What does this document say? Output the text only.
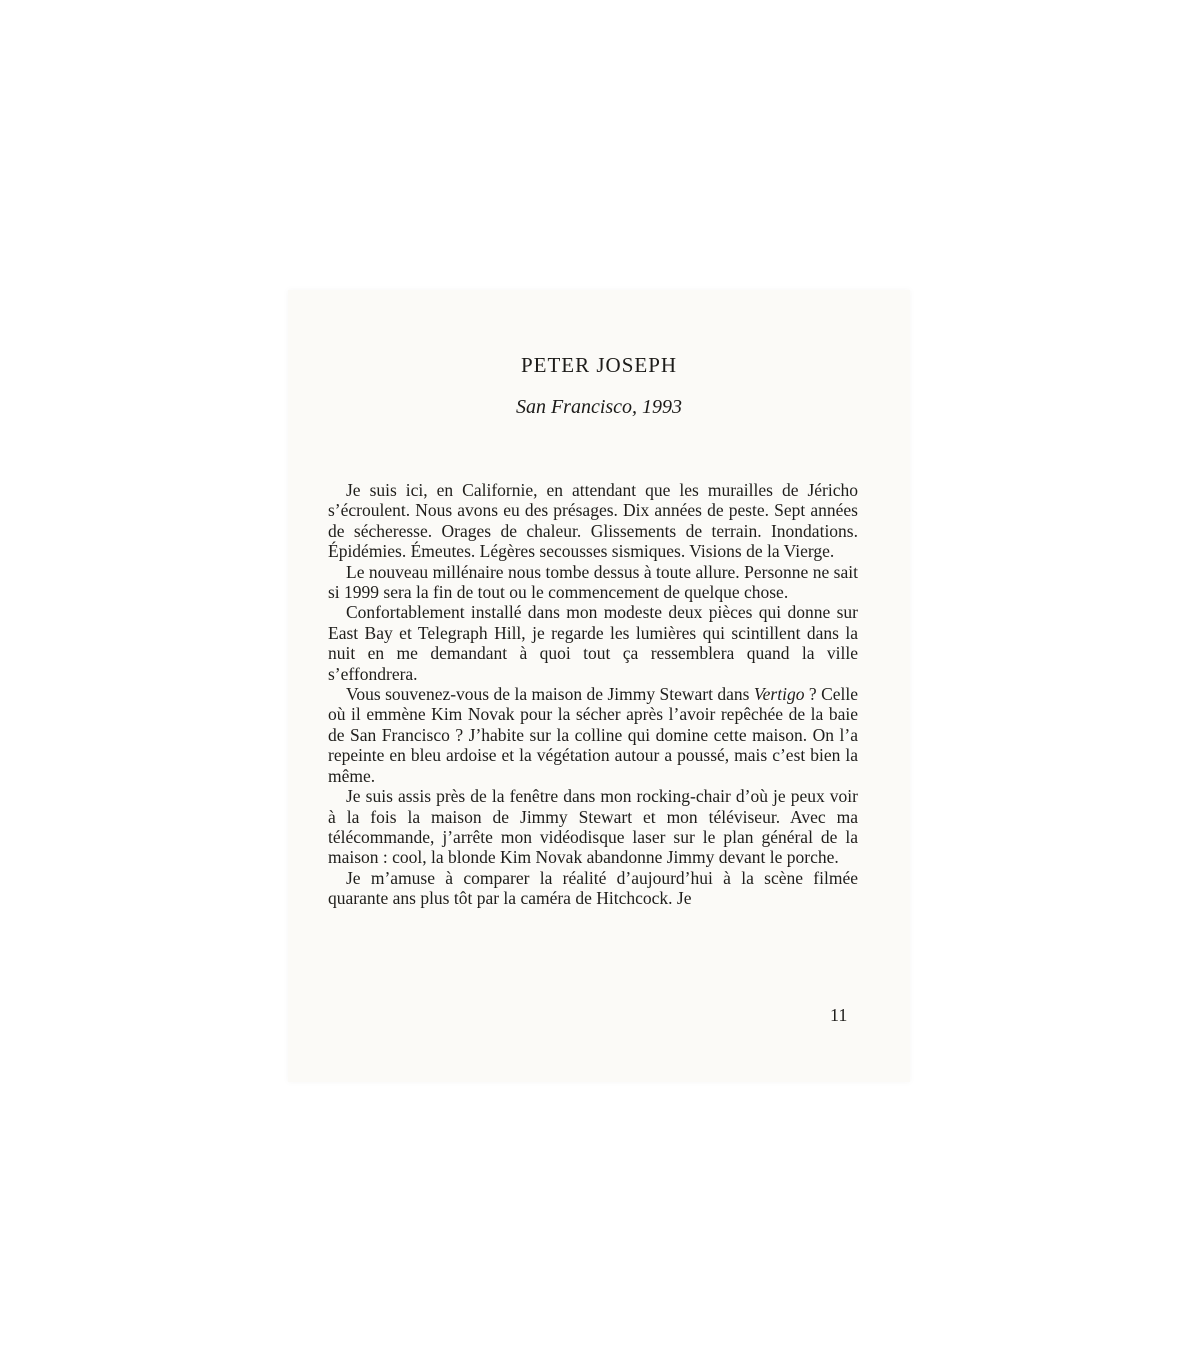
PETER JOSEPH
San Francisco, 1993

Je suis ici, en Californie, en attendant que les murailles de Jéricho s’écroulent. Nous avons eu des présages. Dix années de peste. Sept années de sécheresse. Orages de chaleur. Glissements de terrain. Inondations. Épidémies. Émeutes. Légères secousses sismiques. Visions de la Vierge.

Le nouveau millénaire nous tombe dessus à toute allure. Personne ne sait si 1999 sera la fin de tout ou le commencement de quelque chose.

Confortablement installé dans mon modeste deux pièces qui donne sur East Bay et Telegraph Hill, je regarde les lumières qui scintillent dans la nuit en me demandant à quoi tout ça ressemblera quand la ville s’effondrera.

Vous souvenez-vous de la maison de Jimmy Stewart dans Vertigo ? Celle où il emmène Kim Novak pour la sécher après l’avoir repêchée de la baie de San Francisco ? J’habite sur la colline qui domine cette maison. On l’a repeinte en bleu ardoise et la végétation autour a poussé, mais c’est bien la même.

Je suis assis près de la fenêtre dans mon rocking-chair d’où je peux voir à la fois la maison de Jimmy Stewart et mon téléviseur. Avec ma télécommande, j’arrête mon vidéodisque laser sur le plan général de la maison : cool, la blonde Kim Novak abandonne Jimmy devant le porche.

Je m’amuse à comparer la réalité d’aujourd’hui à la scène filmée quarante ans plus tôt par la caméra de Hitchcock. Je

11
